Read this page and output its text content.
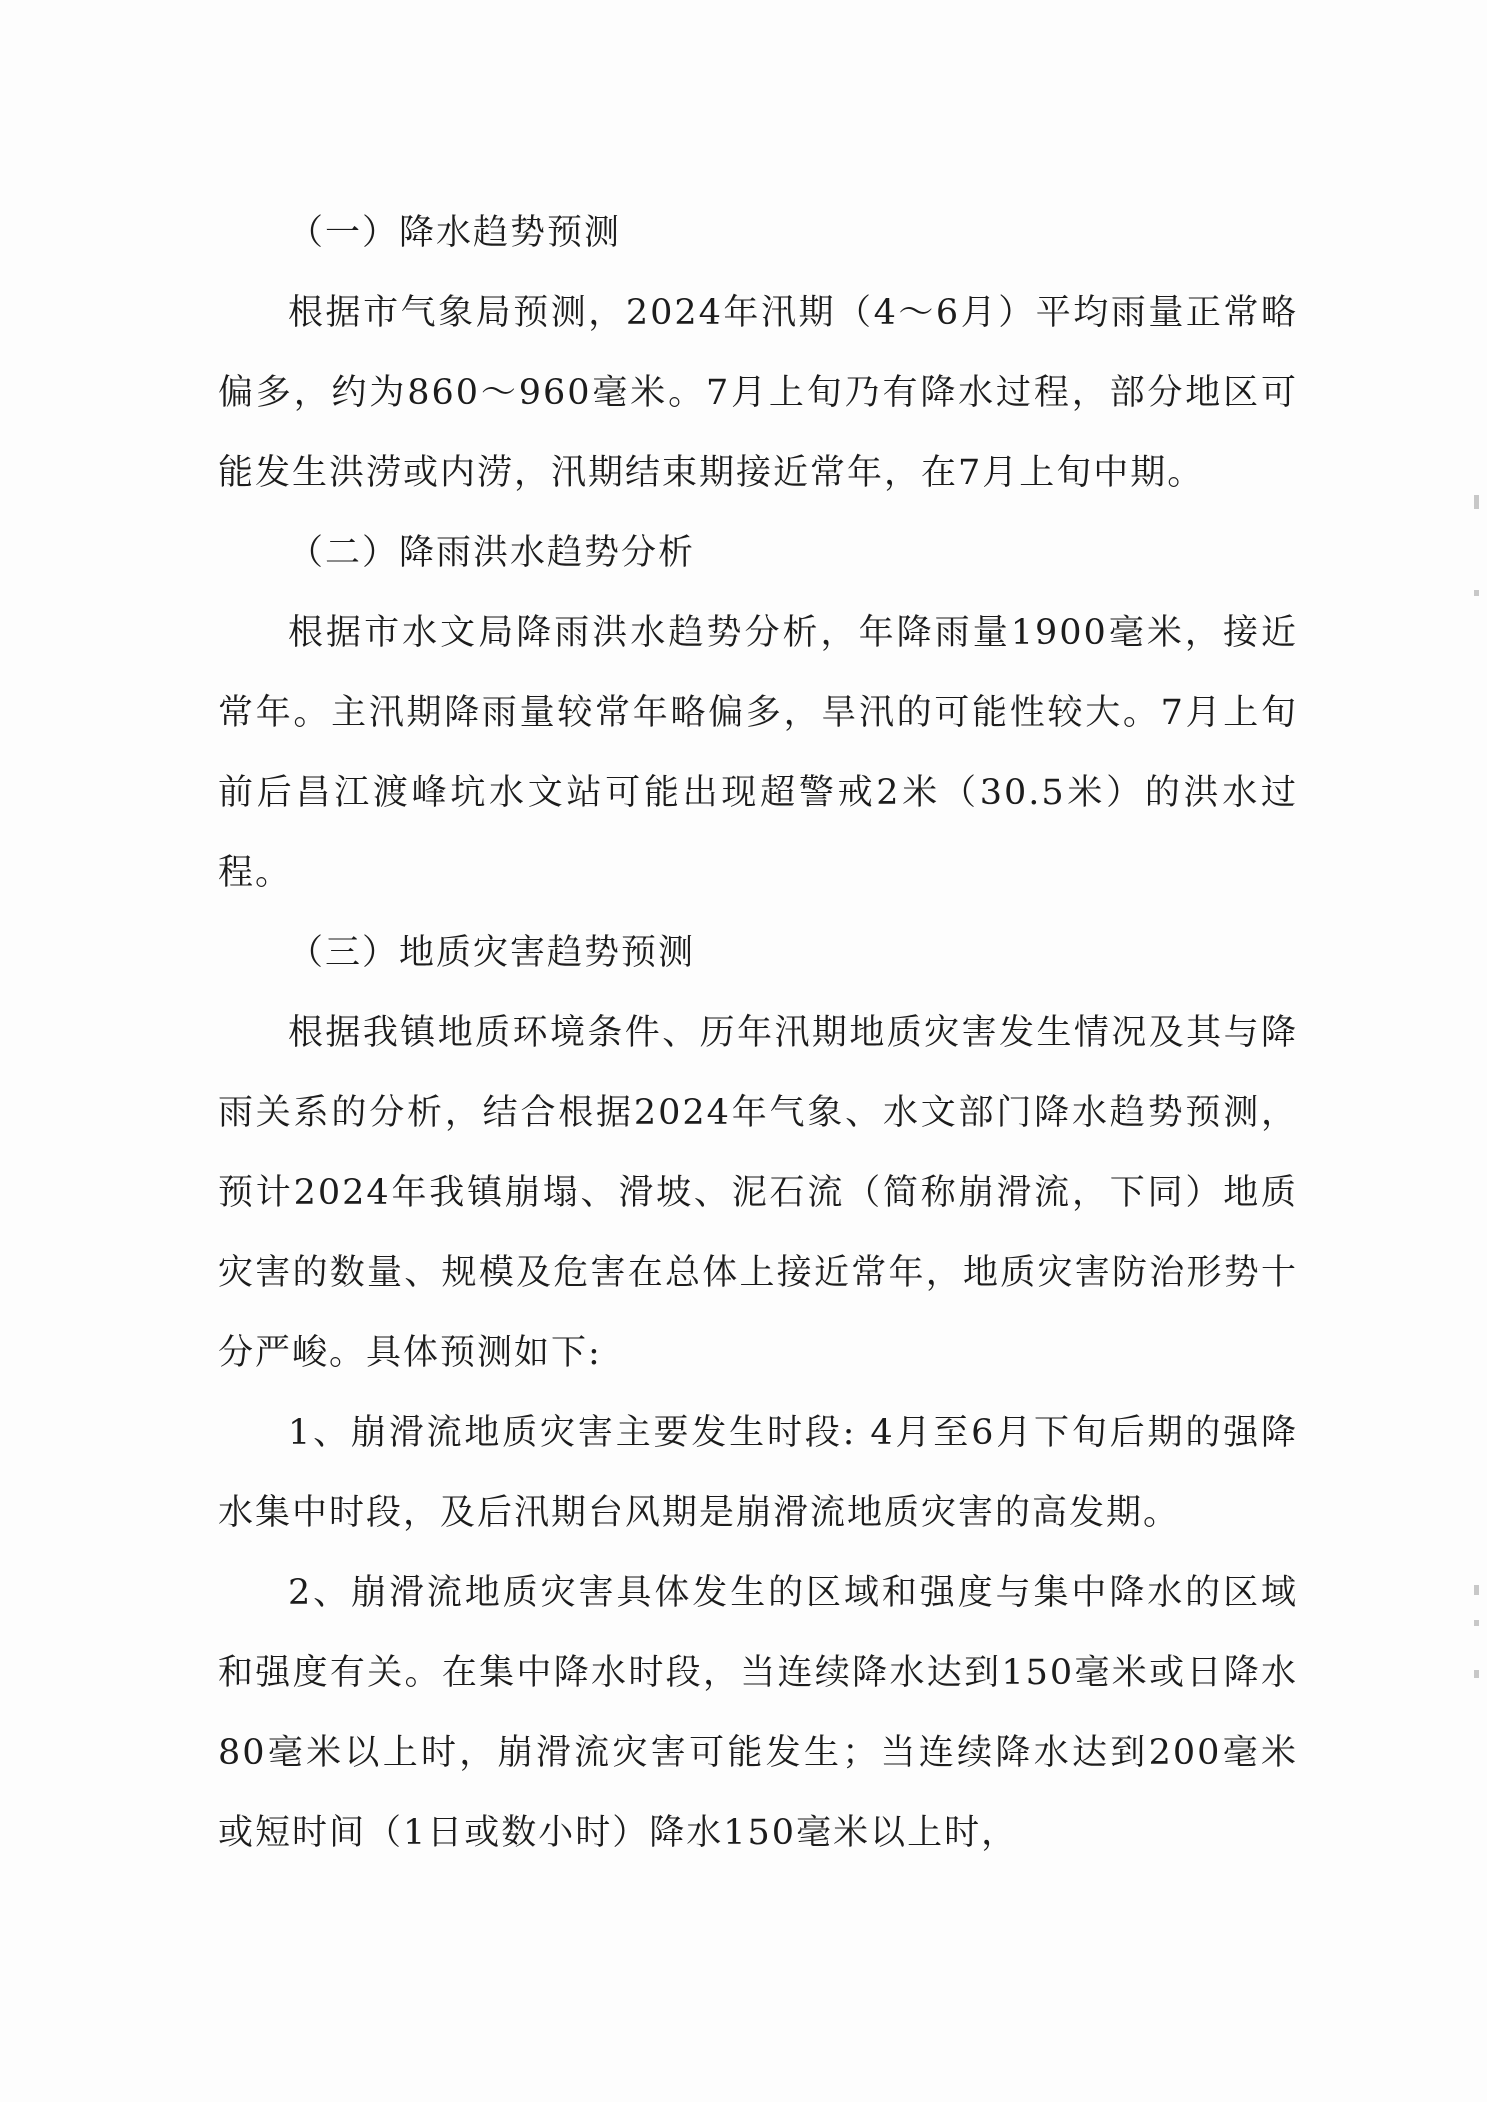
（一）降水趋势预测

根据市气象局预测，2024年汛期（4～6月）平均雨量正常略偏多，约为860～960毫米。7月上旬乃有降水过程，部分地区可能发生洪涝或内涝，汛期结束期接近常年，在7月上旬中期。

（二）降雨洪水趋势分析

根据市水文局降雨洪水趋势分析，年降雨量1900毫米，接近常年。主汛期降雨量较常年略偏多，旱汛的可能性较大。7月上旬前后昌江渡峰坑水文站可能出现超警戒2米（30.5米）的洪水过程。

（三）地质灾害趋势预测

根据我镇地质环境条件、历年汛期地质灾害发生情况及其与降雨关系的分析，结合根据2024年气象、水文部门降水趋势预测，预计2024年我镇崩塌、滑坡、泥石流（简称崩滑流，下同）地质灾害的数量、规模及危害在总体上接近常年，地质灾害防治形势十分严峻。具体预测如下:

1、崩滑流地质灾害主要发生时段: 4月至6月下旬后期的强降水集中时段，及后汛期台风期是崩滑流地质灾害的高发期。

2、崩滑流地质灾害具体发生的区域和强度与集中降水的区域和强度有关。在集中降水时段，当连续降水达到150毫米或日降水80毫米以上时，崩滑流灾害可能发生；当连续降水达到200毫米或短时间（1日或数小时）降水150毫米以上时，
